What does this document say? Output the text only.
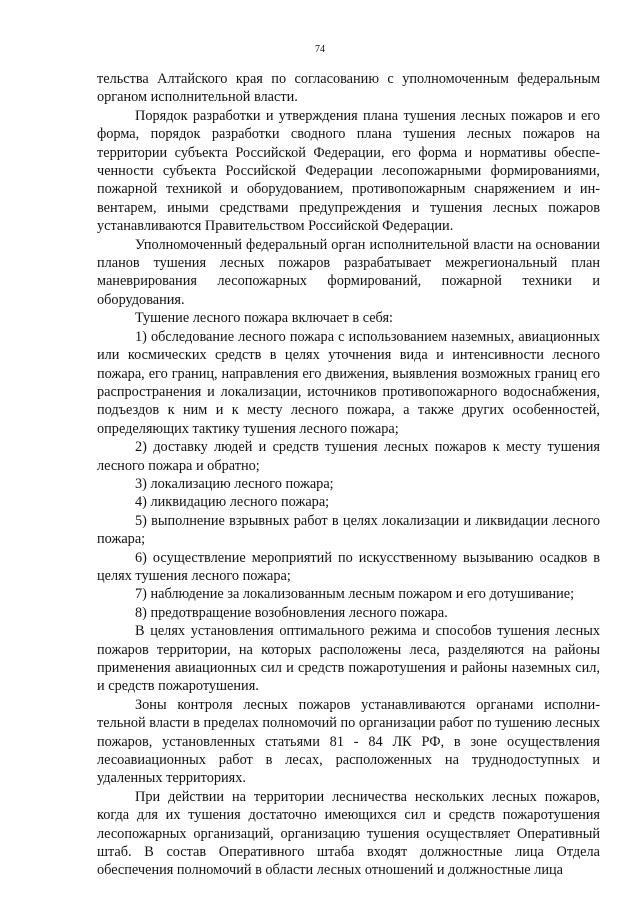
74

тельства Алтайского края по согласованию с уполномоченным федеральным органом исполнительной власти.

Порядок разработки и утверждения плана тушения лесных пожаров и его форма, порядок разработки сводного плана тушения лесных пожаров на территории субъекта Российской Федерации, его форма и нормативы обеспеченности субъекта Российской Федерации лесопожарными формированиями, пожарной техникой и оборудованием, противопожарным снаряжением и инвентарем, иными средствами предупреждения и тушения лесных пожаров устанавливаются Правительством Российской Федерации.

Уполномоченный федеральный орган исполнительной власти на основании планов тушения лесных пожаров разрабатывает межрегиональный план маневрирования лесопожарных формирований, пожарной техники и оборудования.

Тушение лесного пожара включает в себя:

1) обследование лесного пожара с использованием наземных, авиационных или космических средств в целях уточнения вида и интенсивности лесного пожара, его границ, направления его движения, выявления возможных границ его распространения и локализации, источников противопожарного водоснабжения, подъездов к ним и к месту лесного пожара, а также других особенностей, определяющих тактику тушения лесного пожара;

2) доставку людей и средств тушения лесных пожаров к месту тушения лесного пожара и обратно;

3) локализацию лесного пожара;

4) ликвидацию лесного пожара;

5) выполнение взрывных работ в целях локализации и ликвидации лесного пожара;

6) осуществление мероприятий по искусственному вызыванию осадков в целях тушения лесного пожара;

7) наблюдение за локализованным лесным пожаром и его дотушивание;

8) предотвращение возобновления лесного пожара.

В целях установления оптимального режима и способов тушения лесных пожаров территории, на которых расположены леса, разделяются на районы применения авиационных сил и средств пожаротушения и районы наземных сил, и средств пожаротушения.

Зоны контроля лесных пожаров устанавливаются органами исполнительной власти в пределах полномочий по организации работ по тушению лесных пожаров, установленных статьями 81 - 84 ЛК РФ, в зоне осуществления лесоавиационных работ в лесах, расположенных на труднодоступных и удаленных территориях.

При действии на территории лесничества нескольких лесных пожаров, когда для их тушения достаточно имеющихся сил и средств пожаротушения лесопожарных организаций, организацию тушения осуществляет Оперативный штаб. В состав Оперативного штаба входят должностные лица Отдела обеспечения полномочий в области лесных отношений и должностные лица
